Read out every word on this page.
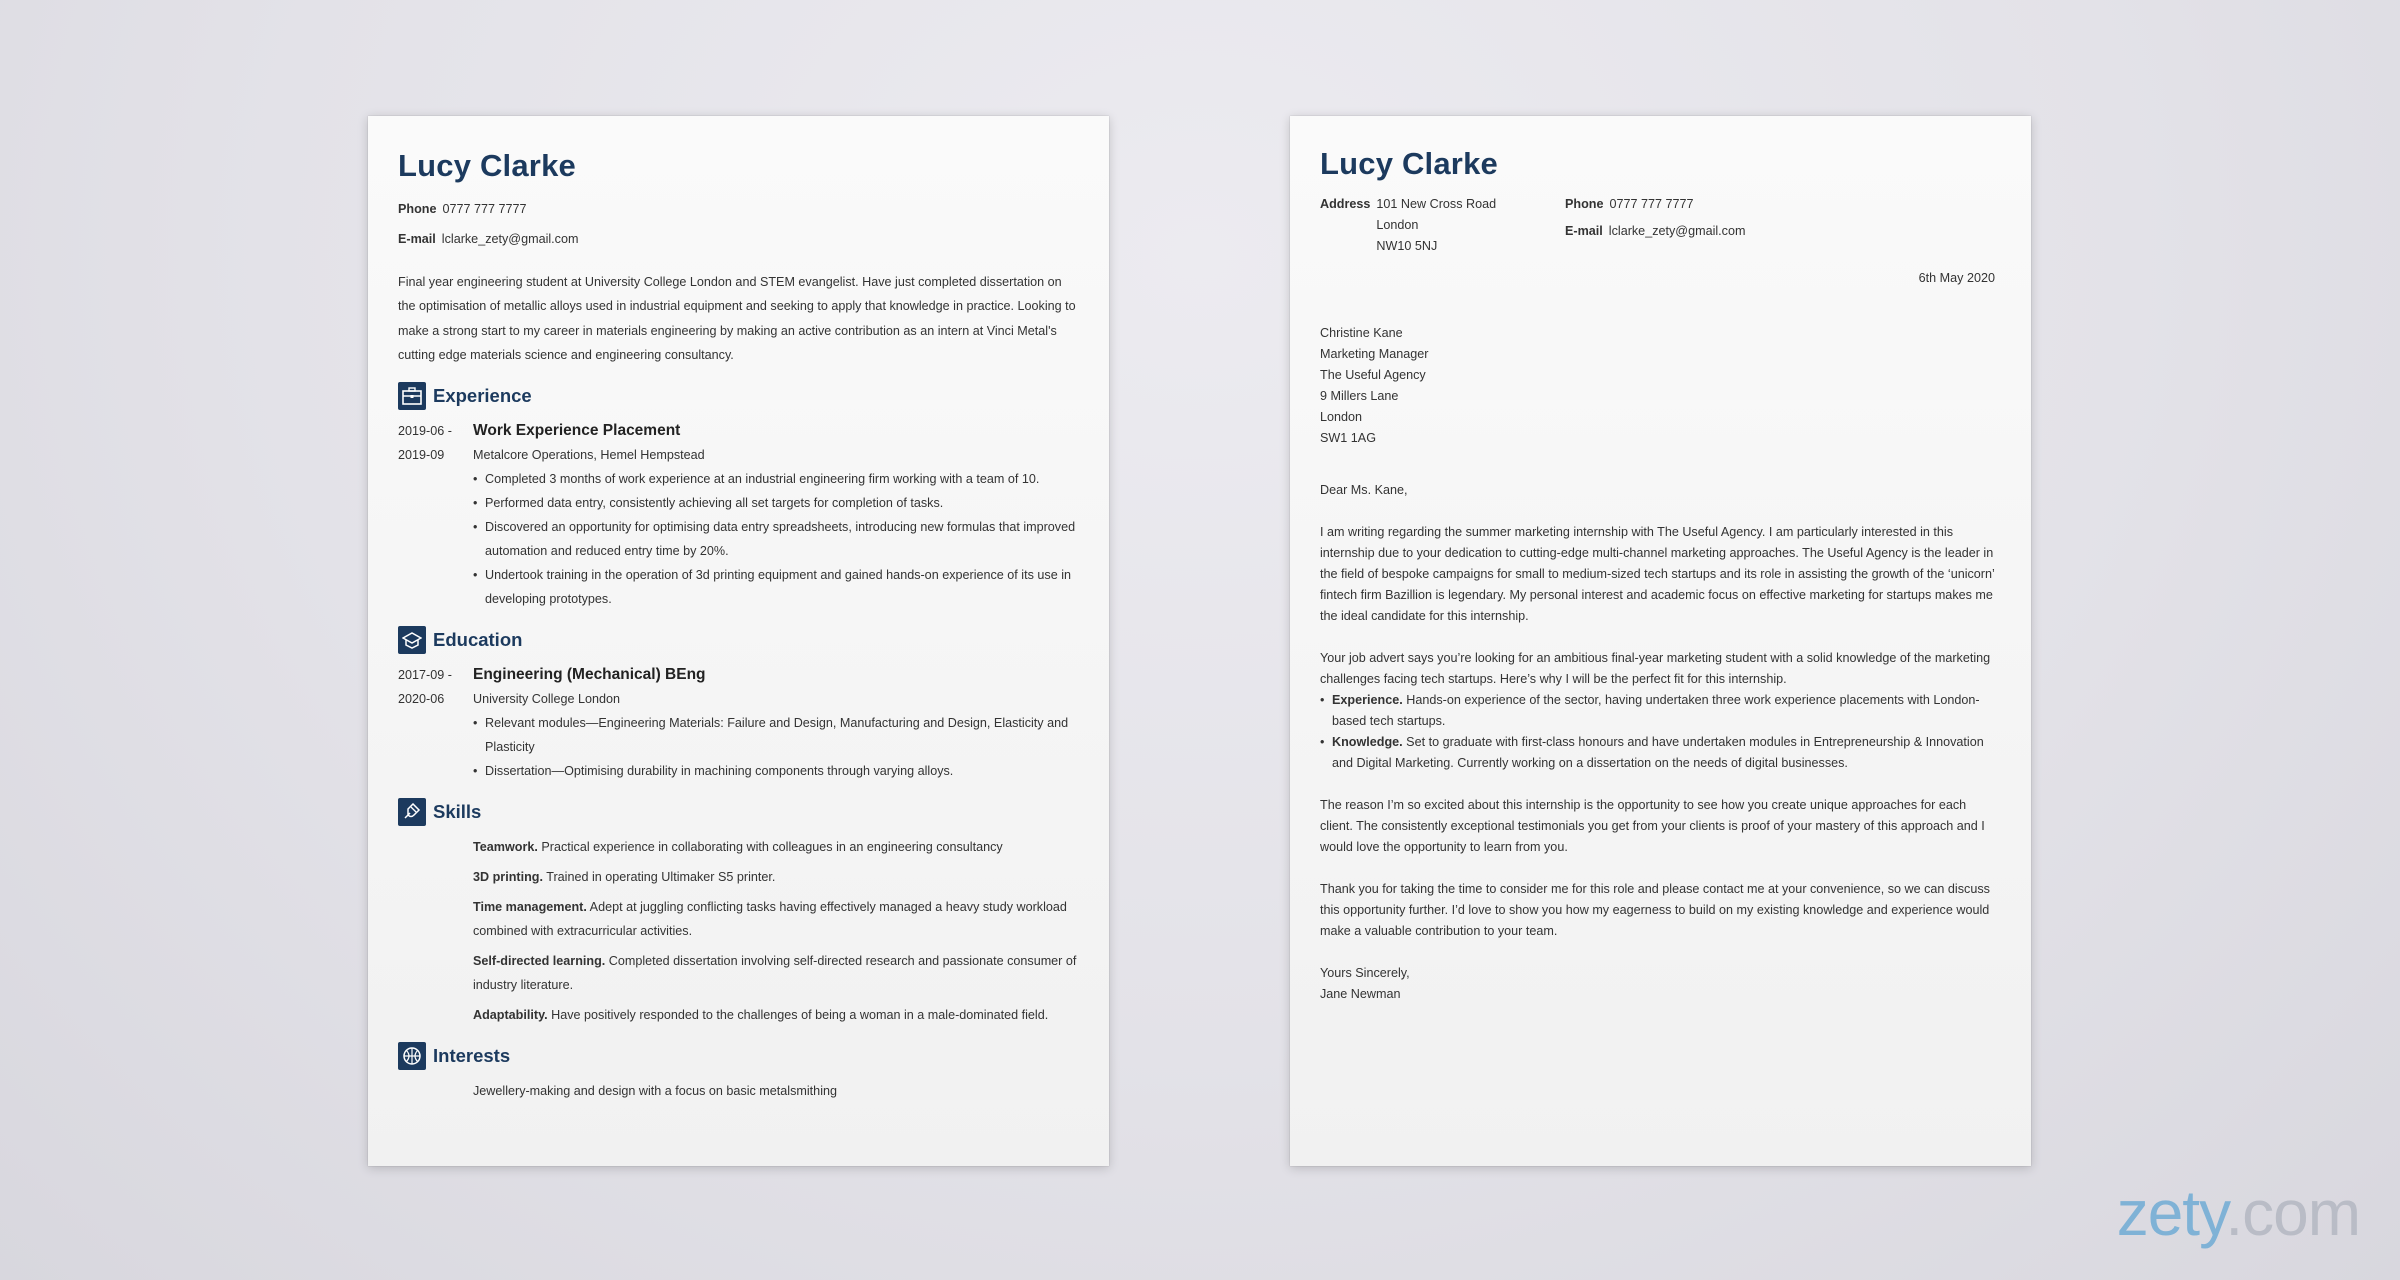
Lucy Clarke
Phone 0777 777 7777
E-mail lclarke_zety@gmail.com
Final year engineering student at University College London and STEM evangelist. Have just completed dissertation on the optimisation of metallic alloys used in industrial equipment and seeking to apply that knowledge in practice. Looking to make a strong start to my career in materials engineering by making an active contribution as an intern at Vinci Metal's cutting edge materials science and engineering consultancy.
Experience
2019-06 -
2019-09
Work Experience Placement
Metalcore Operations, Hemel Hempstead
• Completed 3 months of work experience at an industrial engineering firm working with a team of 10.
• Performed data entry, consistently achieving all set targets for completion of tasks.
• Discovered an opportunity for optimising data entry spreadsheets, introducing new formulas that improved automation and reduced entry time by 20%.
• Undertook training in the operation of 3d printing equipment and gained hands-on experience of its use in developing prototypes.
Education
2017-09 -
2020-06
Engineering (Mechanical) BEng
University College London
• Relevant modules—Engineering Materials: Failure and Design, Manufacturing and Design, Elasticity and Plasticity
• Dissertation—Optimising durability in machining components through varying alloys.
Skills
Teamwork. Practical experience in collaborating with colleagues in an engineering consultancy
3D printing. Trained in operating Ultimaker S5 printer.
Time management. Adept at juggling conflicting tasks having effectively managed a heavy study workload combined with extracurricular activities.
Self-directed learning. Completed dissertation involving self-directed research and passionate consumer of industry literature.
Adaptability. Have positively responded to the challenges of being a woman in a male-dominated field.
Interests
Jewellery-making and design with a focus on basic metalsmithing
Lucy Clarke
Address 101 New Cross Road
London
NW10 5NJ
Phone 0777 777 7777
E-mail lclarke_zety@gmail.com
6th May 2020
Christine Kane
Marketing Manager
The Useful Agency
9 Millers Lane
London
SW1 1AG
Dear Ms. Kane,
I am writing regarding the summer marketing internship with The Useful Agency. I am particularly interested in this internship due to your dedication to cutting-edge multi-channel marketing approaches. The Useful Agency is the leader in the field of bespoke campaigns for small to medium-sized tech startups and its role in assisting the growth of the ‘unicorn’ fintech firm Bazillion is legendary. My personal interest and academic focus on effective marketing for startups makes me the ideal candidate for this internship.
Your job advert says you’re looking for an ambitious final-year marketing student with a solid knowledge of the marketing challenges facing tech startups. Here’s why I will be the perfect fit for this internship.
• Experience. Hands-on experience of the sector, having undertaken three work experience placements with London-based tech startups.
• Knowledge. Set to graduate with first-class honours and have undertaken modules in Entrepreneurship & Innovation and Digital Marketing. Currently working on a dissertation on the needs of digital businesses.
The reason I’m so excited about this internship is the opportunity to see how you create unique approaches for each client. The consistently exceptional testimonials you get from your clients is proof of your mastery of this approach and I would love the opportunity to learn from you.
Thank you for taking the time to consider me for this role and please contact me at your convenience, so we can discuss this opportunity further. I’d love to show you how my eagerness to build on my existing knowledge and experience would make a valuable contribution to your team.
Yours Sincerely,
Jane Newman
zety.com
